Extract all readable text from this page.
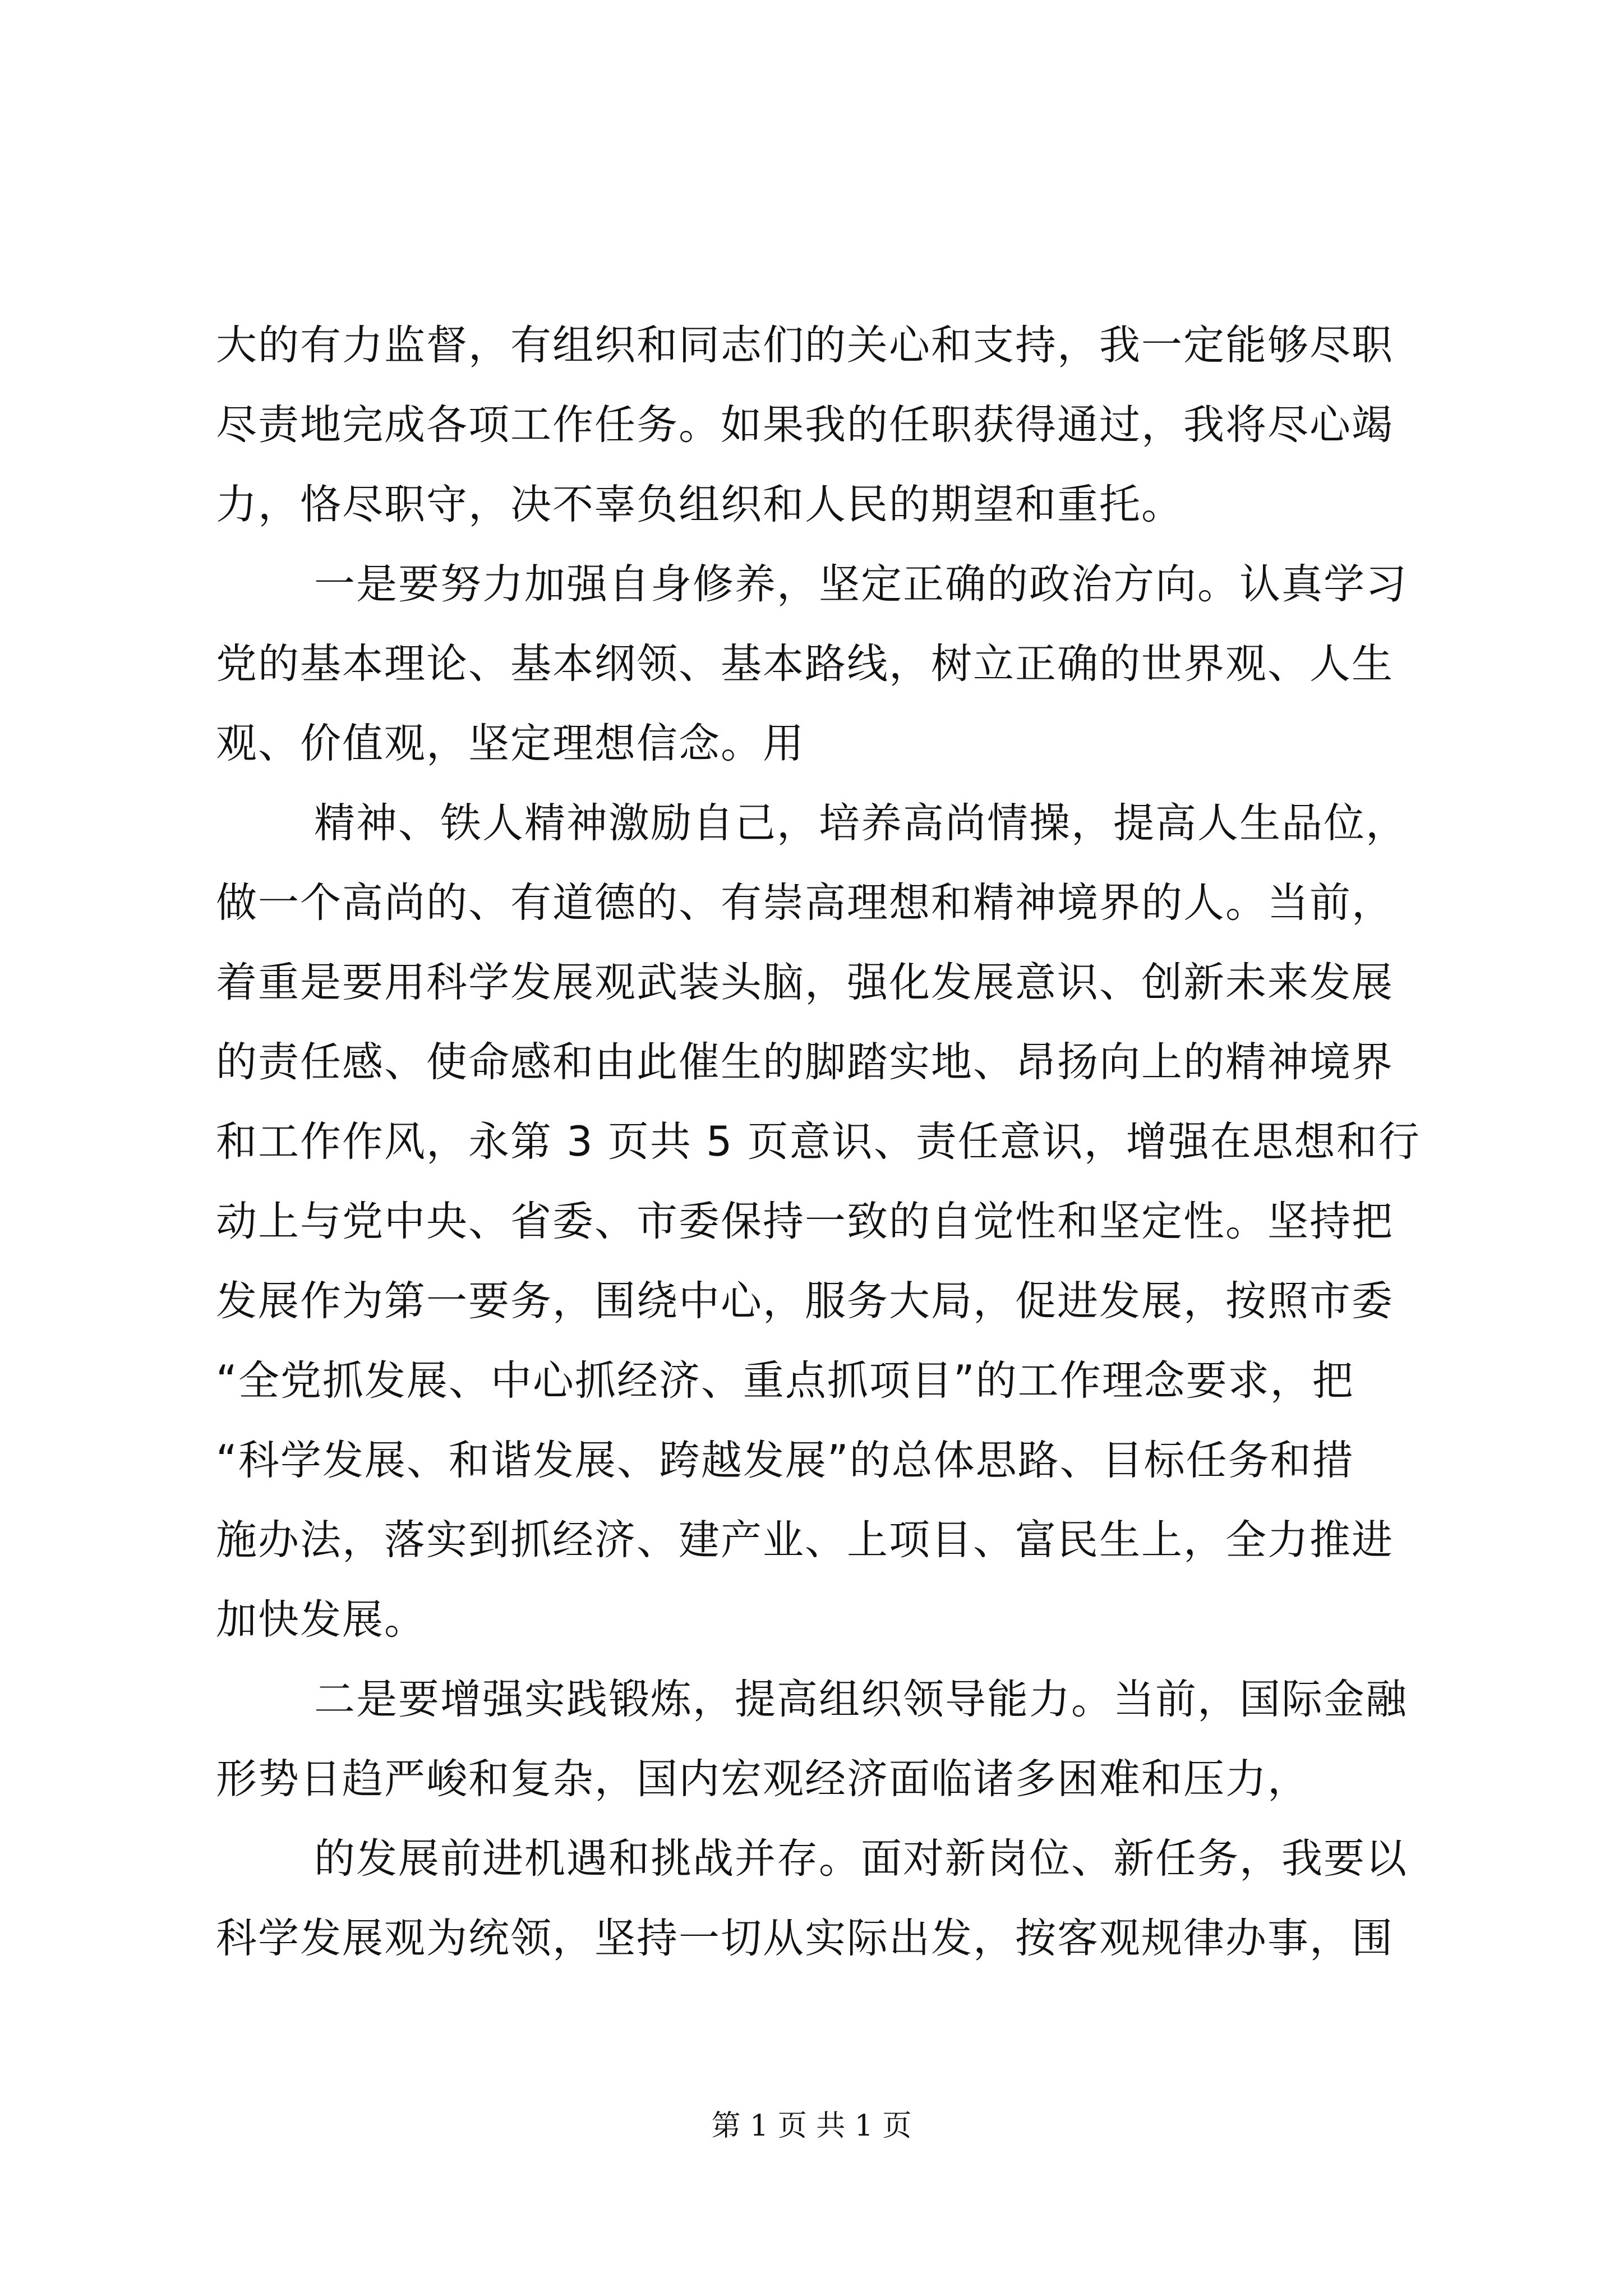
大的有力监督，有组织和同志们的关心和支持，我一定能够尽职
尽责地完成各项工作任务。如果我的任职获得通过，我将尽心竭
力，恪尽职守，决不辜负组织和人民的期望和重托。
一是要努力加强自身修养，坚定正确的政治方向。认真学习
党的基本理论、基本纲领、基本路线，树立正确的世界观、人生
观、价值观，坚定理想信念。用
精神、铁人精神激励自己，培养高尚情操，提高人生品位，
做一个高尚的、有道德的、有崇高理想和精神境界的人。当前，
着重是要用科学发展观武装头脑，强化发展意识、创新未来发展
的责任感、使命感和由此催生的脚踏实地、昂扬向上的精神境界
和工作作风，永第 3 页共 5 页意识、责任意识，增强在思想和行
动上与党中央、省委、市委保持一致的自觉性和坚定性。坚持把
发展作为第一要务，围绕中心，服务大局，促进发展，按照市委
“全党抓发展、中心抓经济、重点抓项目”的工作理念要求，把
“科学发展、和谐发展、跨越发展”的总体思路、目标任务和措
施办法，落实到抓经济、建产业、上项目、富民生上，全力推进
加快发展。
二是要增强实践锻炼，提高组织领导能力。当前，国际金融
形势日趋严峻和复杂，国内宏观经济面临诸多困难和压力，
的发展前进机遇和挑战并存。面对新岗位、新任务，我要以
科学发展观为统领，坚持一切从实际出发，按客观规律办事，围
第 1 页 共 1 页
